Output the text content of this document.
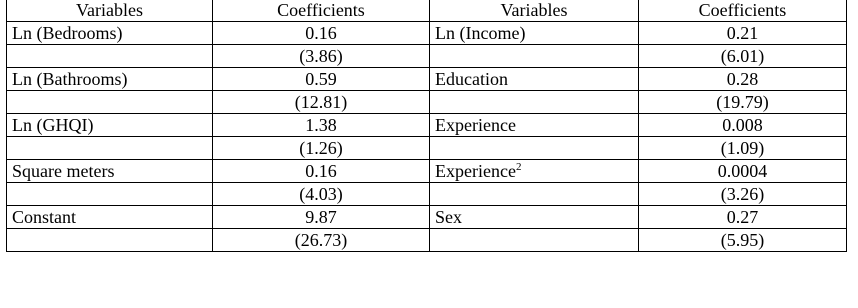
Variables	Coefficients	Variables	Coefficients
Ln (Bedrooms)	0.16	Ln (Income)	0.21
	(3.86)		(6.01)
Ln (Bathrooms)	0.59	Education	0.28
	(12.81)		(19.79)
Ln (GHQI)	1.38	Experience	0.008
	(1.26)		(1.09)
Square meters	0.16	Experience$^2$	0.0004
	(4.03)		(3.26)
Constant	9.87	Sex	0.27
	(26.73)		(5.95)
